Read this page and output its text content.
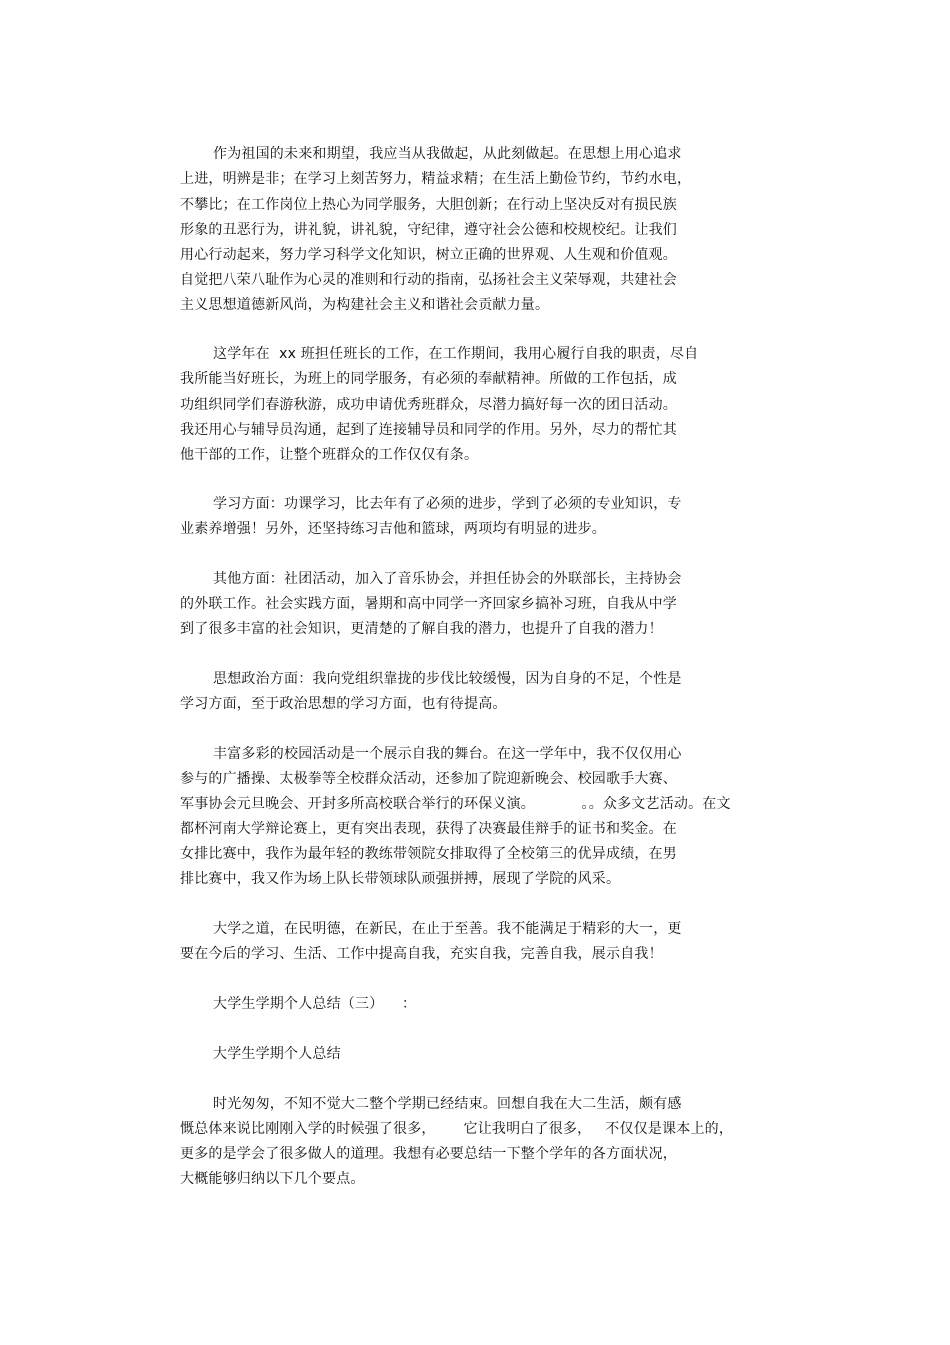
作为祖国的未来和期望，我应当从我做起，从此刻做起。在思想上用心追求
上进，明辨是非；在学习上刻苦努力，精益求精；在生活上勤俭节约，节约水电，
不攀比；在工作岗位上热心为同学服务，大胆创新；在行动上坚决反对有损民族
形象的丑恶行为，讲礼貌，讲礼貌，守纪律，遵守社会公德和校规校纪。让我们
用心行动起来，努力学习科学文化知识，树立正确的世界观、人生观和价值观。
自觉把八荣八耻作为心灵的准则和行动的指南，弘扬社会主义荣辱观，共建社会
主义思想道德新风尚，为构建社会主义和谐社会贡献力量。
这学年在  xx 班担任班长的工作，在工作期间，我用心履行自我的职责，尽自
我所能当好班长，为班上的同学服务，有必须的奉献精神。所做的工作包括，成
功组织同学们春游秋游，成功申请优秀班群众，尽潜力搞好每一次的团日活动。
我还用心与辅导员沟通，起到了连接辅导员和同学的作用。另外，尽力的帮忙其
他干部的工作，让整个班群众的工作仅仅有条。
学习方面：功课学习，比去年有了必须的进步，学到了必须的专业知识，专
业素养增强！另外，还坚持练习吉他和篮球，两项均有明显的进步。
其他方面：社团活动，加入了音乐协会，并担任协会的外联部长，主持协会
的外联工作。社会实践方面，暑期和高中同学一齐回家乡搞补习班，自我从中学
到了很多丰富的社会知识，更清楚的了解自我的潜力，也提升了自我的潜力！
思想政治方面：我向党组织靠拢的步伐比较缓慢，因为自身的不足，个性是
学习方面，至于政治思想的学习方面，也有待提高。
丰富多彩的校园活动是一个展示自我的舞台。在这一学年中，我不仅仅用心
参与的广播操、太极拳等全校群众活动，还参加了院迎新晚会、校园歌手大赛、
军事协会元旦晚会、开封多所高校联合举行的环保义演。          。。众多文艺活动。在文
都杯河南大学辩论赛上，更有突出表现，获得了决赛最佳辩手的证书和奖金。在
女排比赛中，我作为最年轻的教练带领院女排取得了全校第三的优异成绩，在男
排比赛中，我又作为场上队长带领球队顽强拼搏，展现了学院的风采。
大学之道，在民明德，在新民，在止于至善。我不能满足于精彩的大一，更
要在今后的学习、生活、工作中提高自我，充实自我，完善自我，展示自我！
大学生学期个人总结（三）    ：
大学生学期个人总结
时光匆匆，不知不觉大二整个学期已经结束。回想自我在大二生活，颇有感
慨总体来说比刚刚入学的时候强了很多，      它让我明白了很多，   不仅仅是课本上的，
更多的是学会了很多做人的道理。我想有必要总结一下整个学年的各方面状况，
大概能够归纳以下几个要点。
